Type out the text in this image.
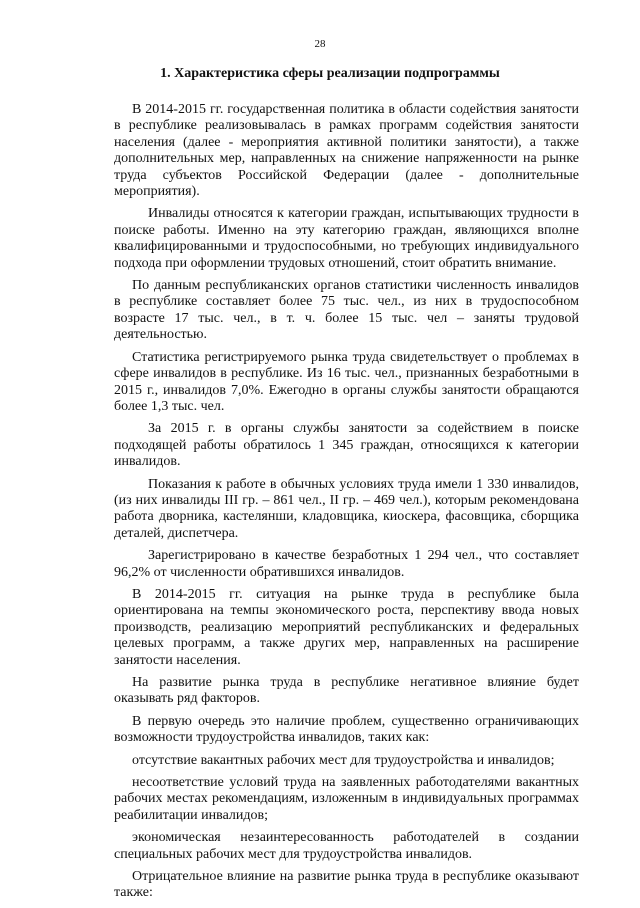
28
1. Характеристика сферы реализации подпрограммы

В 2014-2015 гг. государственная политика в области содействия занятости в республике реализовывалась в рамках программ содействия занятости населения (далее - мероприятия активной политики занятости), а также дополнительных мер, направленных на снижение напряженности на рынке труда субъектов Российской Федерации (далее - дополнительные мероприятия).

Инвалиды относятся к категории граждан, испытывающих трудности в поиске работы. Именно на эту категорию граждан, являющихся вполне квалифицированными и трудоспособными, но требующих индивидуального подхода при оформлении трудовых отношений, стоит обратить внимание.

По данным республиканских органов статистики численность инвалидов в республике составляет более 75 тыс. чел., из них в трудоспособном возрасте 17 тыс. чел., в т. ч. более 15 тыс. чел – заняты трудовой деятельностью.

Статистика регистрируемого рынка труда свидетельствует о проблемах в сфере инвалидов в республике. Из 16 тыс. чел., признанных безработными в 2015 г., инвалидов 7,0%. Ежегодно в органы службы занятости обращаются более 1,3 тыс. чел.

За 2015 г. в органы службы занятости за содействием в поиске подходящей работы обратилось 1 345 граждан, относящихся к категории инвалидов.

Показания к работе в обычных условиях труда имели 1 330 инвалидов, (из них инвалиды III гр. – 861 чел., II гр. – 469 чел.), которым рекомендована работа дворника, кастелянши, кладовщика, киоскера, фасовщика, сборщика деталей, диспетчера.

Зарегистрировано в качестве безработных 1 294 чел., что составляет 96,2% от численности обратившихся инвалидов.

В 2014-2015 гг. ситуация на рынке труда в республике была ориентирована на темпы экономического роста, перспективу ввода новых производств, реализацию мероприятий республиканских и федеральных целевых программ, а также других мер, направленных на расширение занятости населения.

На развитие рынка труда в республике негативное влияние будет оказывать ряд факторов.

В первую очередь это наличие проблем, существенно ограничивающих возможности трудоустройства инвалидов, таких как:

отсутствие вакантных рабочих мест для трудоустройства и инвалидов;

несоответствие условий труда на заявленных работодателями вакантных рабочих местах рекомендациям, изложенным в индивидуальных программах реабилитации инвалидов;

экономическая незаинтересованность работодателей в создании специальных рабочих мест для трудоустройства инвалидов.

Отрицательное влияние на развитие рынка труда в республике оказывают также:
